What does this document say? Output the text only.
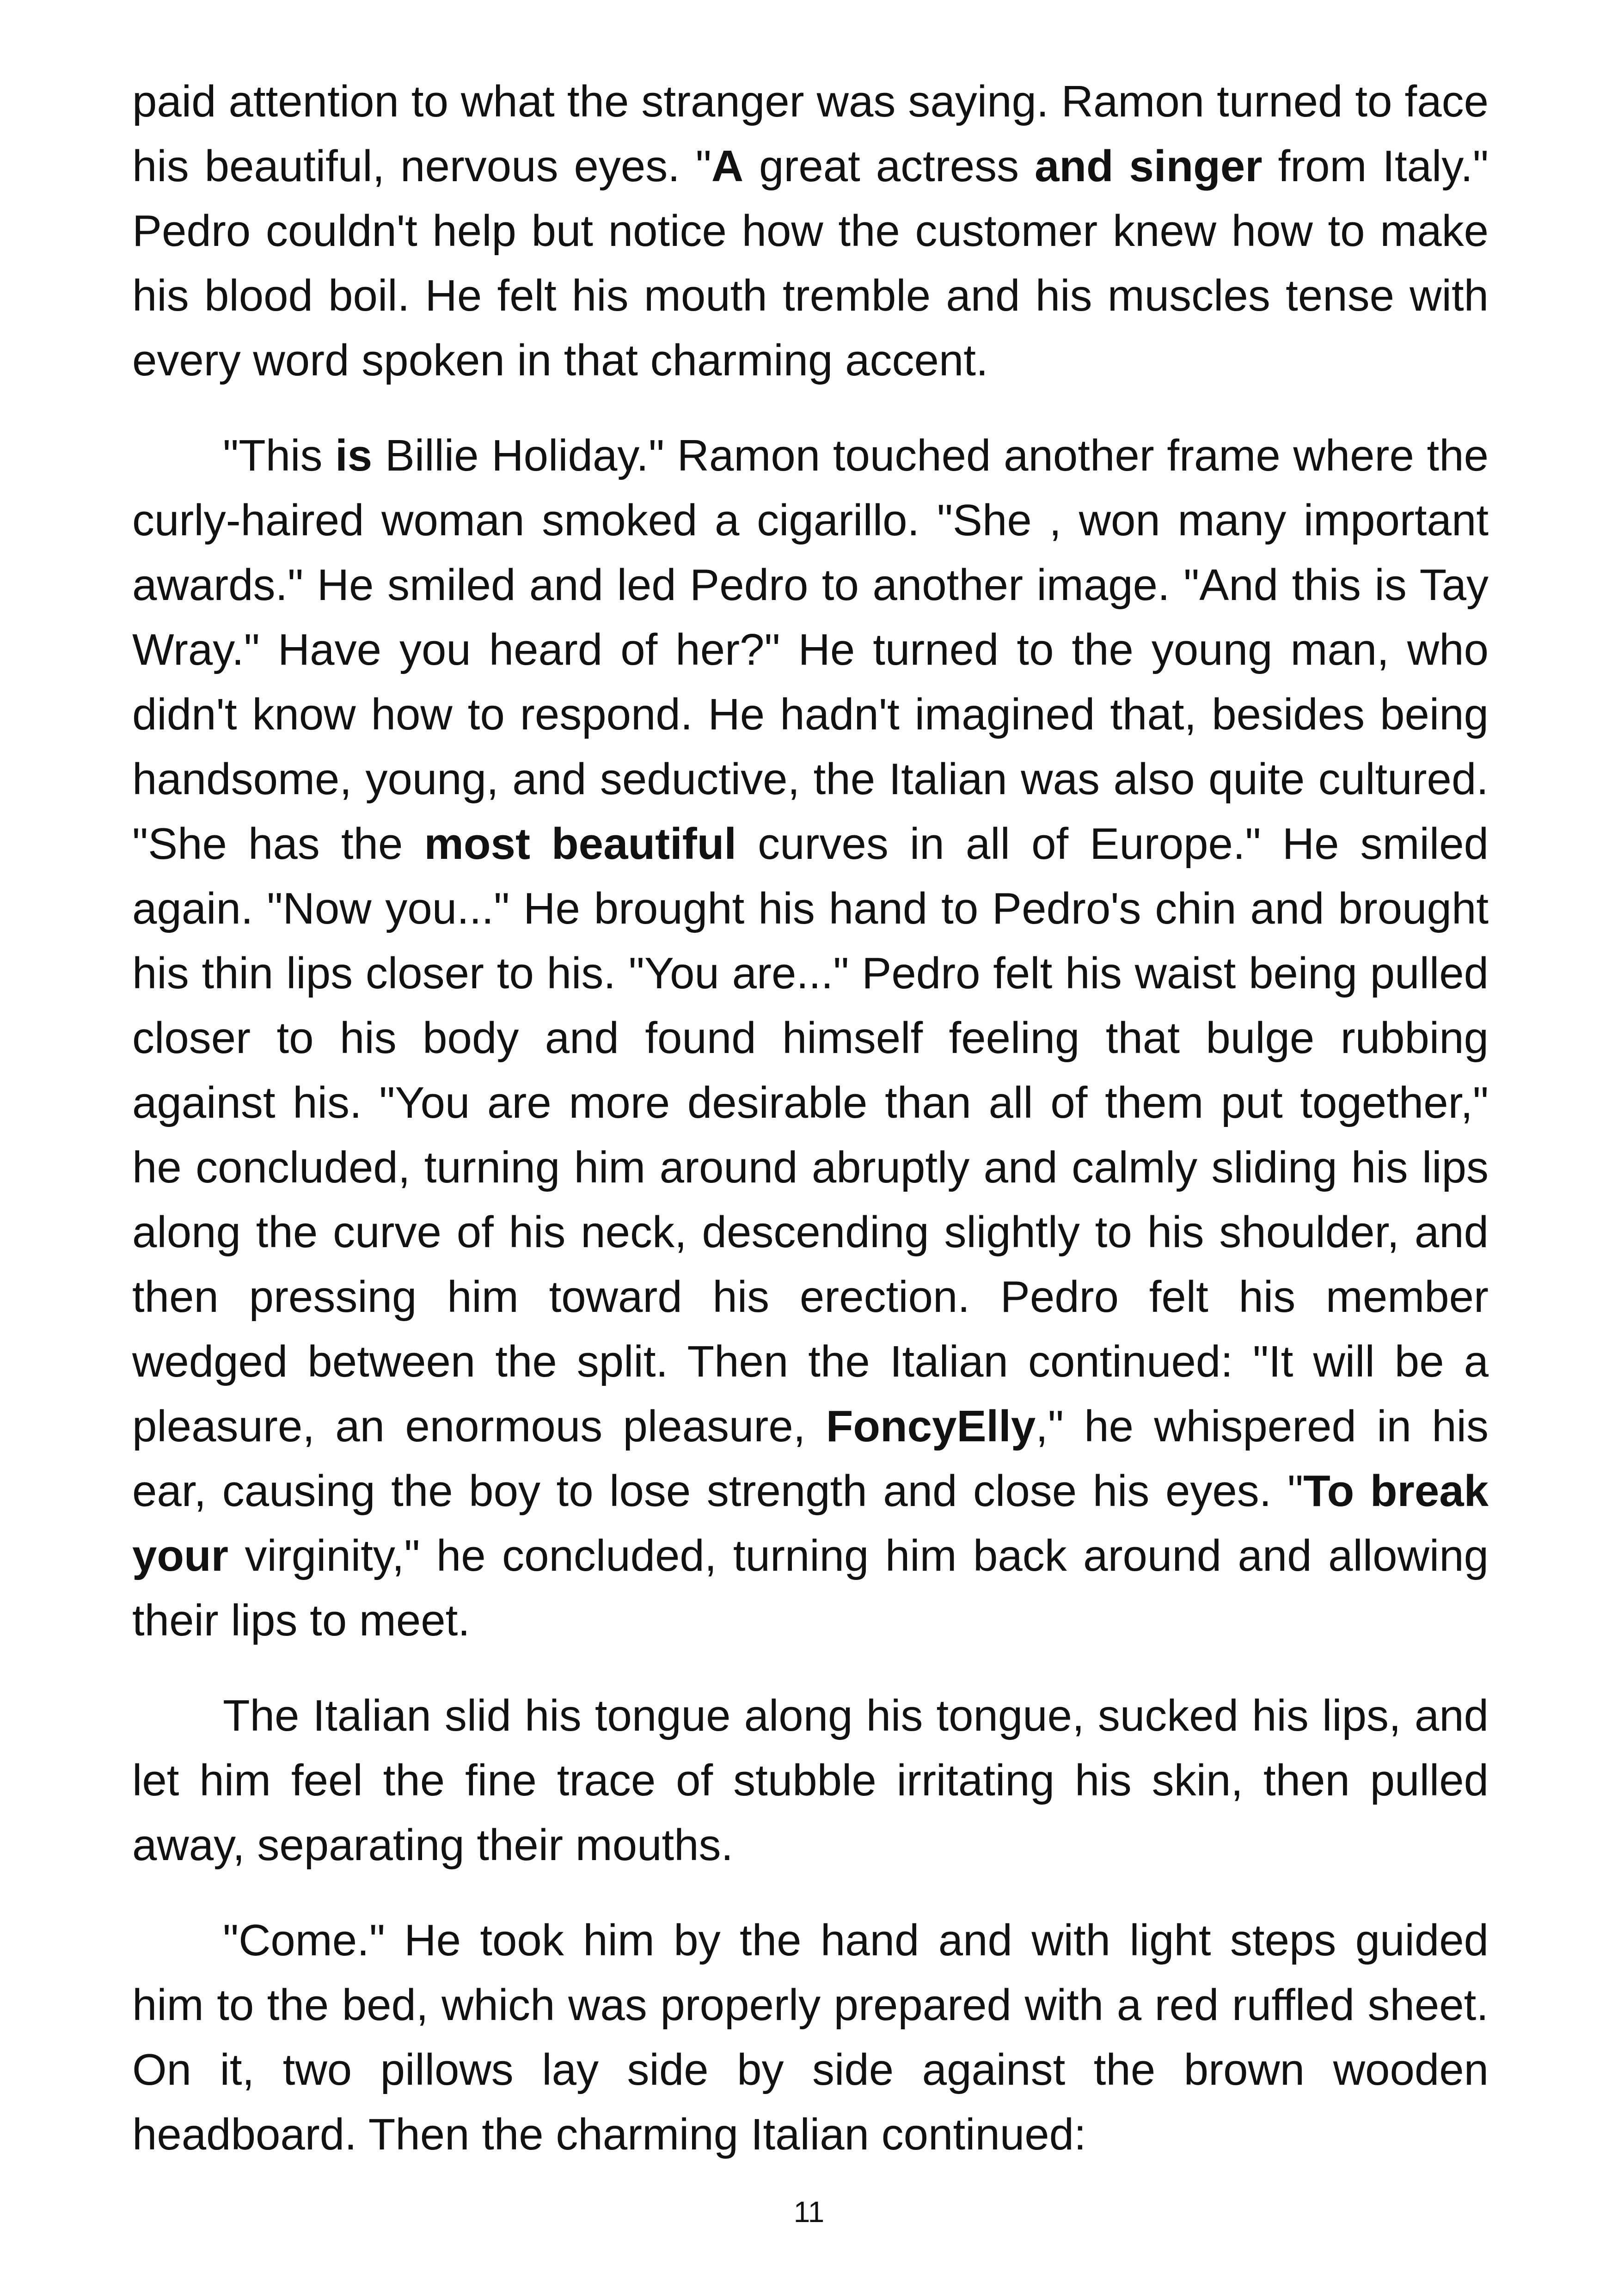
paid attention to what the stranger was saying. Ramon turned to face his beautiful, nervous eyes. "A great actress and singer from Italy." Pedro couldn't help but notice how the customer knew how to make his blood boil. He felt his mouth tremble and his muscles tense with every word spoken in that charming accent.

"This is Billie Holiday." Ramon touched another frame where the curly-haired woman smoked a cigarillo. "She , won many important awards." He smiled and led Pedro to another image. "And this is Tay Wray." Have you heard of her?" He turned to the young man, who didn't know how to respond. He hadn't imagined that, besides being handsome, young, and seductive, the Italian was also quite cultured. "She has the most beautiful curves in all of Europe." He smiled again. "Now you..." He brought his hand to Pedro's chin and brought his thin lips closer to his. "You are..." Pedro felt his waist being pulled closer to his body and found himself feeling that bulge rubbing against his. "You are more desirable than all of them put together," he concluded, turning him around abruptly and calmly sliding his lips along the curve of his neck, descending slightly to his shoulder, and then pressing him toward his erection. Pedro felt his member wedged between the split. Then the Italian continued: "It will be a pleasure, an enormous pleasure, FoncyElly," he whispered in his ear, causing the boy to lose strength and close his eyes. "To break your virginity," he concluded, turning him back around and allowing their lips to meet.

The Italian slid his tongue along his tongue, sucked his lips, and let him feel the fine trace of stubble irritating his skin, then pulled away, separating their mouths.

"Come." He took him by the hand and with light steps guided him to the bed, which was properly prepared with a red ruffled sheet. On it, two pillows lay side by side against the brown wooden headboard. Then the charming Italian continued:

11
